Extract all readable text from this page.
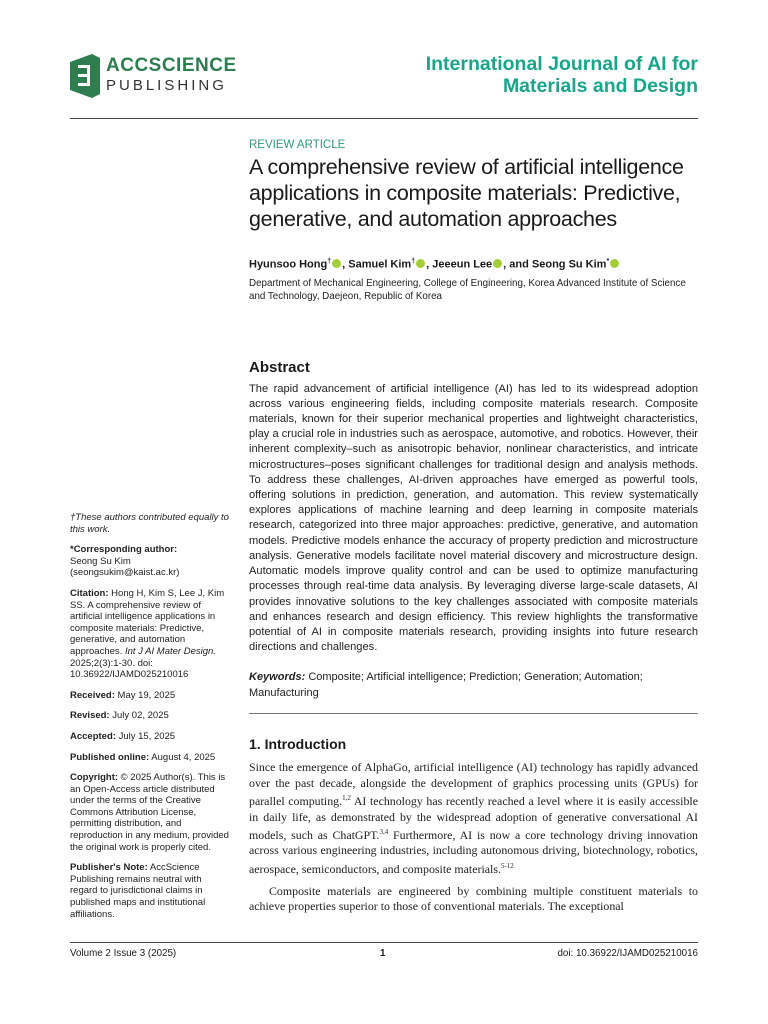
ACCSCIENCE
PUBLISHING
International Journal of AI for
Materials and Design
REVIEW ARTICLE
A comprehensive review of artificial intelligence applications in composite materials: Predictive, generative, and automation approaches
Hyunsoo Hong† , Samuel Kim† , Jeeeun Lee , and Seong Su Kim*
Department of Mechanical Engineering, College of Engineering, Korea Advanced Institute of Science and Technology, Daejeon, Republic of Korea
Abstract
The rapid advancement of artificial intelligence (AI) has led to its widespread adoption across various engineering fields, including composite materials research. Composite materials, known for their superior mechanical properties and lightweight characteristics, play a crucial role in industries such as aerospace, automotive, and robotics. However, their inherent complexity–such as anisotropic behavior, nonlinear characteristics, and intricate microstructures–poses significant challenges for traditional design and analysis methods. To address these challenges, AI-driven approaches have emerged as powerful tools, offering solutions in prediction, generation, and automation. This review systematically explores applications of machine learning and deep learning in composite materials research, categorized into three major approaches: predictive, generative, and automation models. Predictive models enhance the accuracy of property prediction and microstructure analysis. Generative models facilitate novel material discovery and microstructure design. Automatic models improve quality control and can be used to optimize manufacturing processes through real-time data analysis. By leveraging diverse large-scale datasets, AI provides innovative solutions to the key challenges associated with composite materials and enhances research and design efficiency. This review highlights the transformative potential of AI in composite materials research, providing insights into future research directions and challenges.
Keywords: Composite; Artificial intelligence; Prediction; Generation; Automation; Manufacturing
1. Introduction

Since the emergence of AlphaGo, artificial intelligence (AI) technology has rapidly advanced over the past decade, alongside the development of graphics processing units (GPUs) for parallel computing.$^{1,2}$ AI technology has recently reached a level where it is easily accessible in daily life, as demonstrated by the widespread adoption of generative conversational AI models, such as ChatGPT.$^{3,4}$ Furthermore, AI is now a core technology driving innovation across various engineering industries, including autonomous driving, biotechnology, robotics, aerospace, semiconductors, and composite materials.$^{5-12}$

Composite materials are engineered by combining multiple constituent materials to achieve properties superior to those of conventional materials. The exceptional

†These authors contributed equally to this work.
*Corresponding author:
Seong Su Kim
(seongsukim@kaist.ac.kr)
Citation: Hong H, Kim S, Lee J, Kim SS. A comprehensive review of artificial intelligence applications in composite materials: Predictive, generative, and automation approaches. Int J AI Mater Design. 2025;2(3):1-30. doi: 10.36922/IJAMD025210016
Received: May 19, 2025
Revised: July 02, 2025
Accepted: July 15, 2025
Published online: August 4, 2025
Copyright: © 2025 Author(s). This is an Open-Access article distributed under the terms of the Creative Commons Attribution License, permitting distribution, and reproduction in any medium, provided the original work is properly cited.
Publisher's Note: AccScience Publishing remains neutral with regard to jurisdictional claims in published maps and institutional affiliations.
Volume 2 Issue 3 (2025)	1	doi: 10.36922/IJAMD025210016
